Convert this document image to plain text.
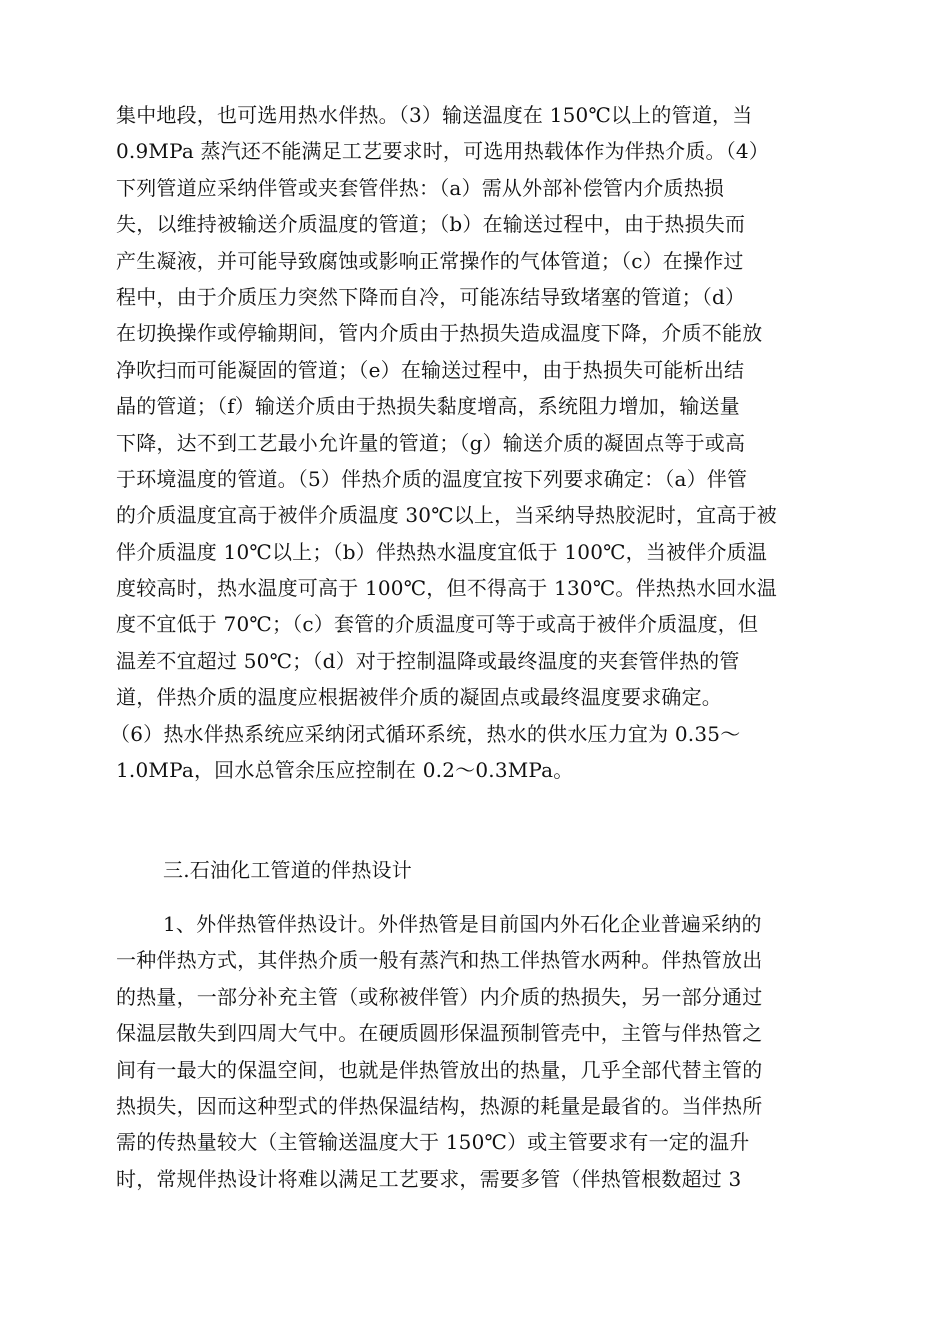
集中地段，也可选用热水伴热。（3）输送温度在 150℃以上的管道，当
0.9MPa 蒸汽还不能满足工艺要求时，可选用热载体作为伴热介质。（4）
下列管道应采纳伴管或夹套管伴热：（a）需从外部补偿管内介质热损
失，以维持被输送介质温度的管道；（b）在输送过程中，由于热损失而
产生凝液，并可能导致腐蚀或影响正常操作的气体管道；（c）在操作过
程中，由于介质压力突然下降而自冷，可能冻结导致堵塞的管道；（d）
在切换操作或停输期间，管内介质由于热损失造成温度下降，介质不能放
净吹扫而可能凝固的管道；（e）在输送过程中，由于热损失可能析出结
晶的管道；（f）输送介质由于热损失黏度增高，系统阻力增加，输送量
下降，达不到工艺最小允许量的管道；（g）输送介质的凝固点等于或高
于环境温度的管道。（5）伴热介质的温度宜按下列要求确定：（a）伴管
的介质温度宜高于被伴介质温度 30℃以上，当采纳导热胶泥时，宜高于被
伴介质温度 10℃以上；（b）伴热热水温度宜低于 100℃，当被伴介质温
度较高时，热水温度可高于 100℃，但不得高于 130℃。伴热热水回水温
度不宜低于 70℃；（c）套管的介质温度可等于或高于被伴介质温度，但
温差不宜超过 50℃；（d）对于控制温降或最终温度的夹套管伴热的管
道，伴热介质的温度应根据被伴介质的凝固点或最终温度要求确定。
（6）热水伴热系统应采纳闭式循环系统，热水的供水压力宜为 0.35～
1.0MPa，回水总管余压应控制在 0.2～0.3MPa。
三.石油化工管道的伴热设计
1、外伴热管伴热设计。外伴热管是目前国内外石化企业普遍采纳的
一种伴热方式，其伴热介质一般有蒸汽和热工伴热管水两种。伴热管放出
的热量，一部分补充主管（或称被伴管）内介质的热损失，另一部分通过
保温层散失到四周大气中。在硬质圆形保温预制管壳中，主管与伴热管之
间有一最大的保温空间，也就是伴热管放出的热量，几乎全部代替主管的
热损失，因而这种型式的伴热保温结构，热源的耗量是最省的。当伴热所
需的传热量较大（主管输送温度大于 150℃）或主管要求有一定的温升
时，常规伴热设计将难以满足工艺要求，需要多管（伴热管根数超过 3
